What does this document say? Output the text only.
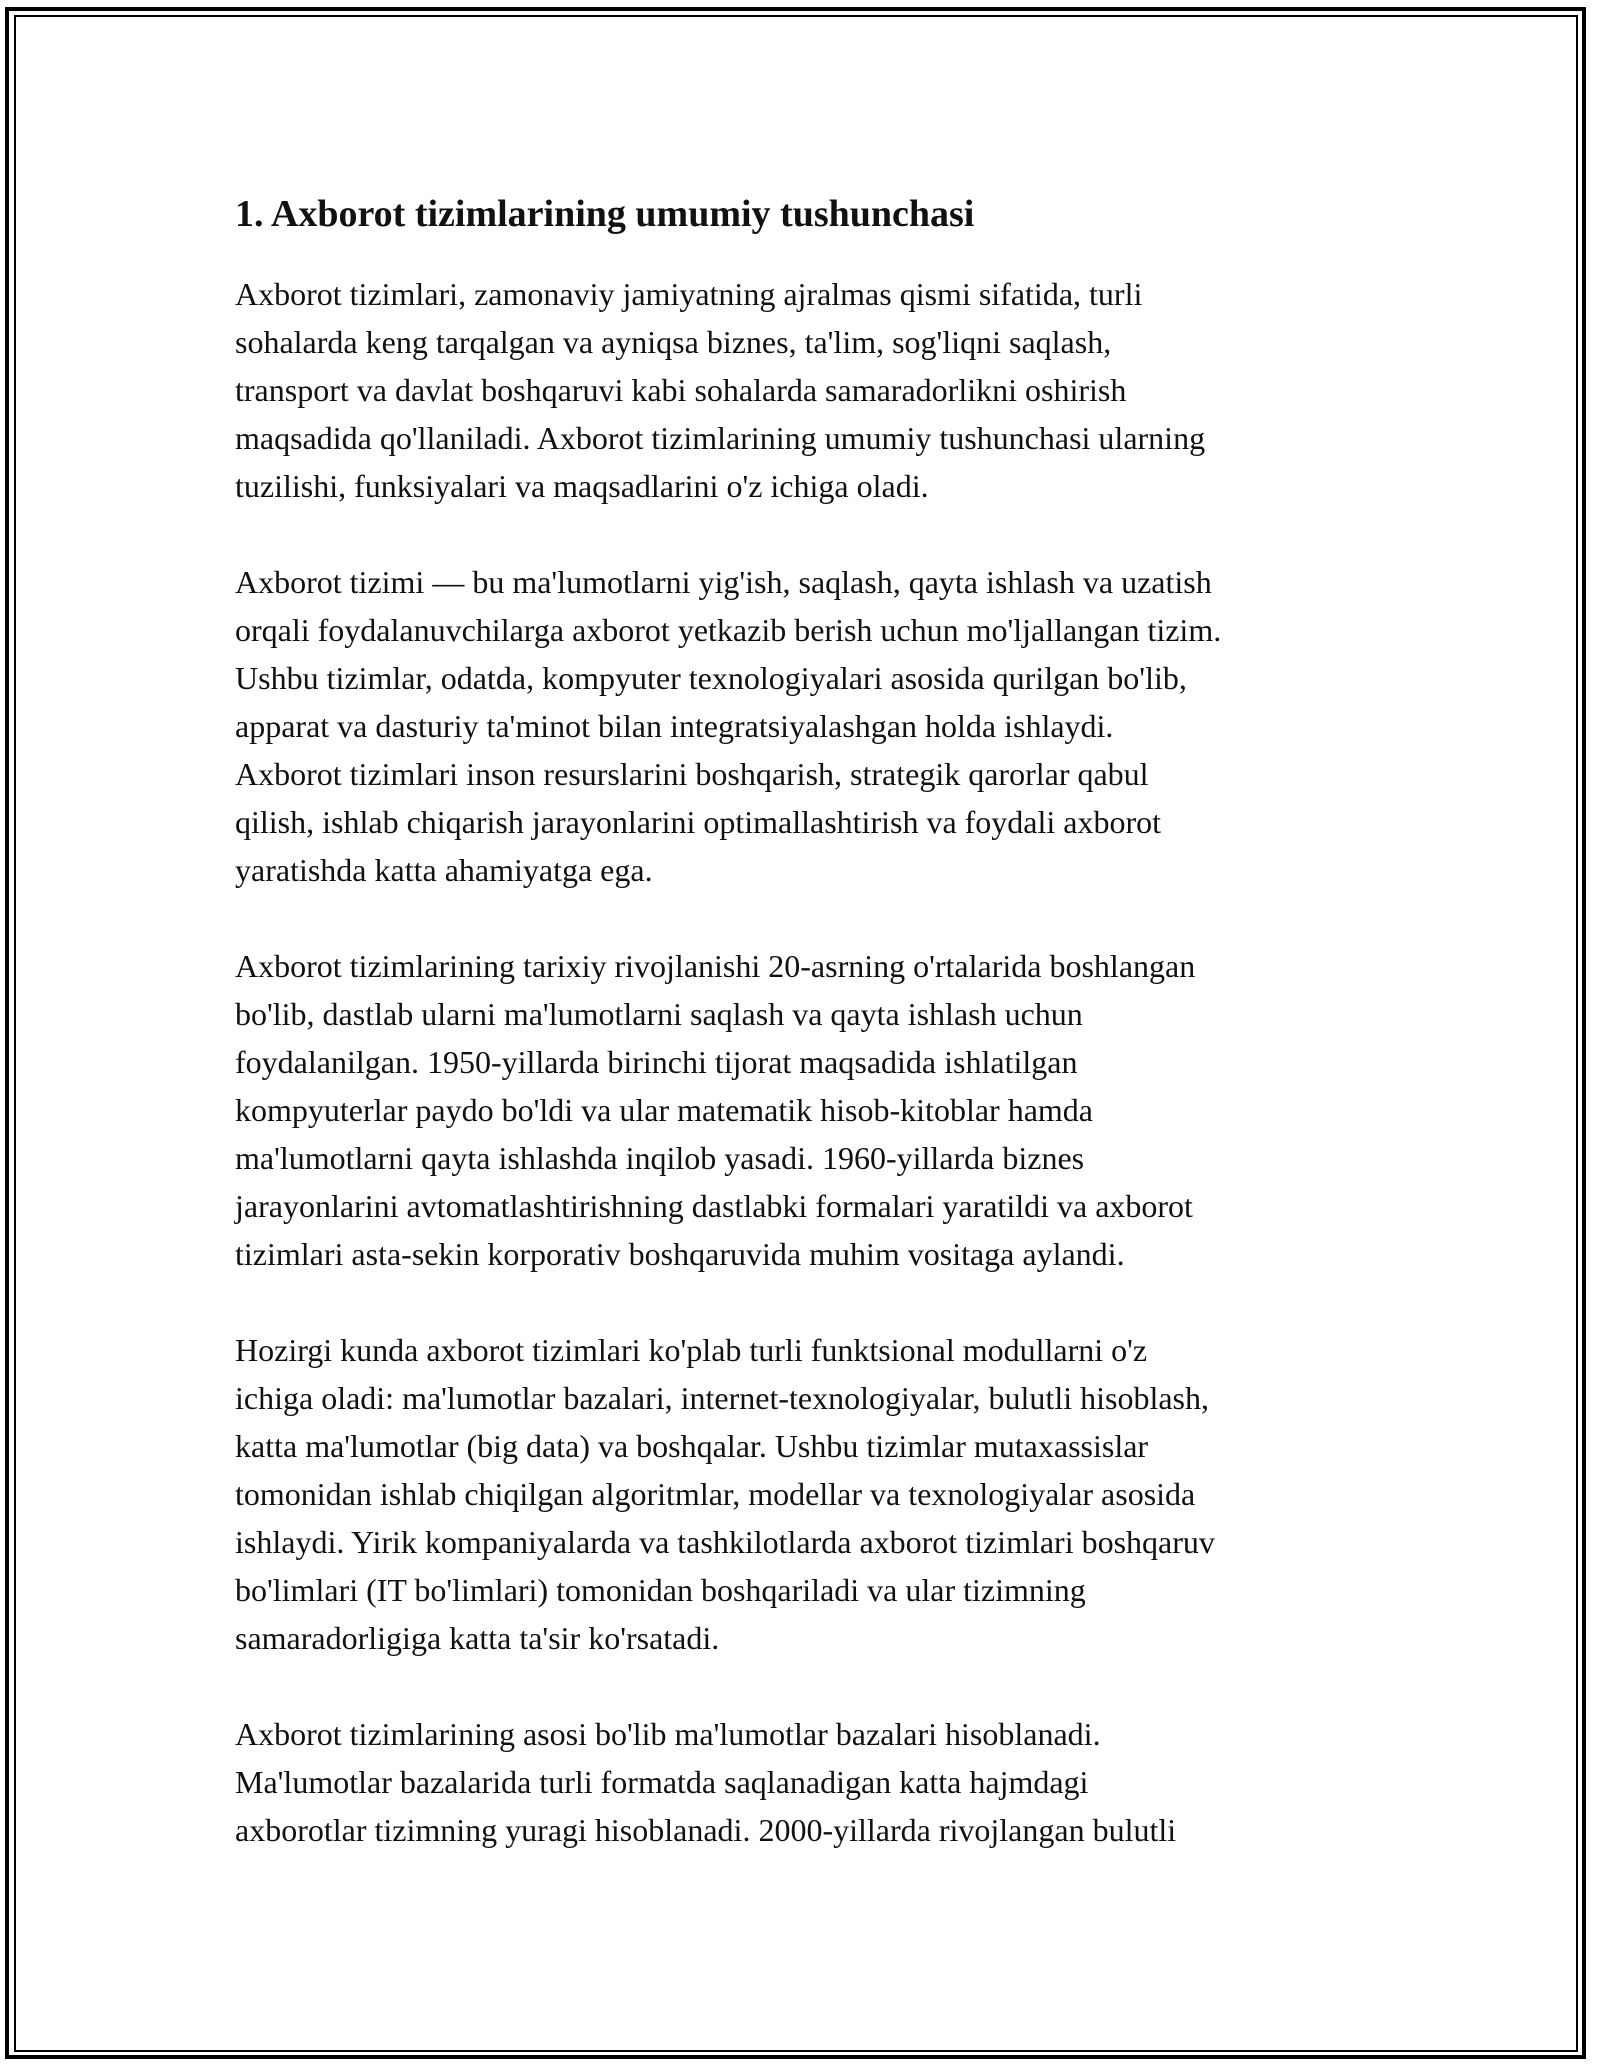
1. Axborot tizimlarining umumiy tushunchasi

Axborot tizimlari, zamonaviy jamiyatning ajralmas qismi sifatida, turli
sohalarda keng tarqalgan va ayniqsa biznes, ta'lim, sog'liqni saqlash,
transport va davlat boshqaruvi kabi sohalarda samaradorlikni oshirish
maqsadida qo'llaniladi. Axborot tizimlarining umumiy tushunchasi ularning
tuzilishi, funksiyalari va maqsadlarini o'z ichiga oladi.

Axborot tizimi — bu ma'lumotlarni yig'ish, saqlash, qayta ishlash va uzatish
orqali foydalanuvchilarga axborot yetkazib berish uchun mo'ljallangan tizim.
Ushbu tizimlar, odatda, kompyuter texnologiyalari asosida qurilgan bo'lib,
apparat va dasturiy ta'minot bilan integratsiyalashgan holda ishlaydi.
Axborot tizimlari inson resurslarini boshqarish, strategik qarorlar qabul
qilish, ishlab chiqarish jarayonlarini optimallashtirish va foydali axborot
yaratishda katta ahamiyatga ega.

Axborot tizimlarining tarixiy rivojlanishi 20-asrning o'rtalarida boshlangan
bo'lib, dastlab ularni ma'lumotlarni saqlash va qayta ishlash uchun
foydalanilgan. 1950-yillarda birinchi tijorat maqsadida ishlatilgan
kompyuterlar paydo bo'ldi va ular matematik hisob-kitoblar hamda
ma'lumotlarni qayta ishlashda inqilob yasadi. 1960-yillarda biznes
jarayonlarini avtomatlashtirishning dastlabki formalari yaratildi va axborot
tizimlari asta-sekin korporativ boshqaruvida muhim vositaga aylandi.

Hozirgi kunda axborot tizimlari ko'plab turli funktsional modullarni o'z
ichiga oladi: ma'lumotlar bazalari, internet-texnologiyalar, bulutli hisoblash,
katta ma'lumotlar (big data) va boshqalar. Ushbu tizimlar mutaxassislar
tomonidan ishlab chiqilgan algoritmlar, modellar va texnologiyalar asosida
ishlaydi. Yirik kompaniyalarda va tashkilotlarda axborot tizimlari boshqaruv
bo'limlari (IT bo'limlari) tomonidan boshqariladi va ular tizimning
samaradorligiga katta ta'sir ko'rsatadi.

Axborot tizimlarining asosi bo'lib ma'lumotlar bazalari hisoblanadi.
Ma'lumotlar bazalarida turli formatda saqlanadigan katta hajmdagi
axborotlar tizimning yuragi hisoblanadi. 2000-yillarda rivojlangan bulutli
